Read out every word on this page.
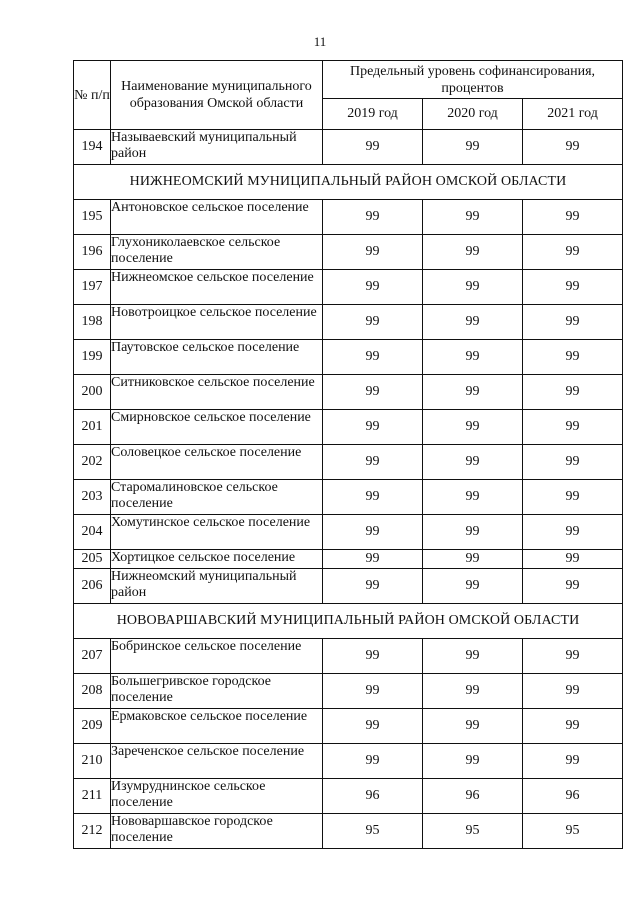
11
№ п/п	Наименование муниципального образования Омской области	Предельный уровень софинансирования, процентов		
		2019 год	2020 год	2021 год
194	Называевский муниципальный район	99	99	99
НИЖНЕОМСКИЙ МУНИЦИПАЛЬНЫЙ РАЙОН ОМСКОЙ ОБЛАСТИ				
195	Антоновское сельское поселение	99	99	99
196	Глухониколаевское сельское поселение	99	99	99
197	Нижнеомское сельское поселение	99	99	99
198	Новотроицкое сельское поселение	99	99	99
199	Паутовское сельское поселение	99	99	99
200	Ситниковское сельское поселение	99	99	99
201	Смирновское сельское поселение	99	99	99
202	Соловецкое сельское поселение	99	99	99
203	Старомалиновское сельское поселение	99	99	99
204	Хомутинское сельское поселение	99	99	99
205	Хортицкое сельское поселение	99	99	99
206	Нижнеомский муниципальный район	99	99	99
НОВОВАРШАВСКИЙ МУНИЦИПАЛЬНЫЙ РАЙОН ОМСКОЙ ОБЛАСТИ				
207	Бобринское сельское поселение	99	99	99
208	Большегривское городское поселение	99	99	99
209	Ермаковское сельское поселение	99	99	99
210	Зареченское сельское поселение	99	99	99
211	Изумруднинское сельское поселение	96	96	96
212	Нововаршавское городское поселение	95	95	95
